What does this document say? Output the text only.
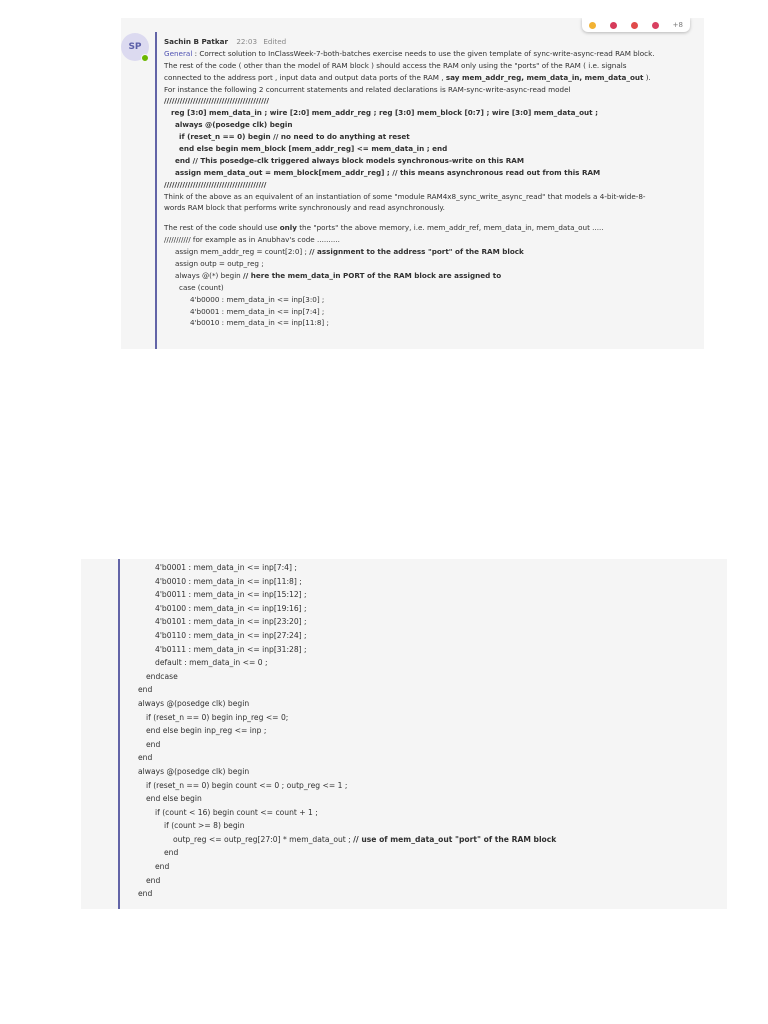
+8
SP
Sachin B Patkar 22:03 Edited
General : Correct solution to InClassWeek-7-both-batches exercise needs to use the given template of sync-write-async-read RAM block.
The rest of the code ( other than the model of RAM block ) should access the RAM only using the "ports" of the RAM ( i.e. signals
connected to the address port , input data and output data ports of the RAM , say mem_addr_reg, mem_data_in, mem_data_out ).
For instance the following 2 concurrent statements and related declarations is RAM-sync-write-async-read model
////////////////////////////////////////
reg [3:0] mem_data_in ; wire [2:0] mem_addr_reg ; reg [3:0] mem_block [0:7] ; wire [3:0] mem_data_out ;
always @(posedge clk) begin
if (reset_n == 0) begin // no need to do anything at reset
end else begin mem_block [mem_addr_reg] <= mem_data_in ; end
end // This posedge-clk triggered always block models synchronous-write on this RAM
assign mem_data_out = mem_block[mem_addr_reg] ; // this means asynchronous read out from this RAM
///////////////////////////////////////
Think of the above as an equivalent of an instantiation of some "module RAM4x8_sync_write_async_read" that models a 4-bit-wide-8-
words RAM block that performs write synchronously and read asynchronously.
The rest of the code should use only the "ports" the above memory, i.e. mem_addr_ref, mem_data_in, mem_data_out .....
/////////// for example as in Anubhav's code ..........
assign mem_addr_reg = count[2:0] ; // assignment to the address "port" of the RAM block
assign outp = outp_reg ;
always @(*) begin // here the mem_data_in PORT of the RAM block are assigned to
case (count)
4'b0000 : mem_data_in <= inp[3:0] ;
4'b0001 : mem_data_in <= inp[7:4] ;
4'b0010 : mem_data_in <= inp[11:8] ;
4'b0001 : mem_data_in <= inp[7:4] ;
4'b0010 : mem_data_in <= inp[11:8] ;
4'b0011 : mem_data_in <= inp[15:12] ;
4'b0100 : mem_data_in <= inp[19:16] ;
4'b0101 : mem_data_in <= inp[23:20] ;
4'b0110 : mem_data_in <= inp[27:24] ;
4'b0111 : mem_data_in <= inp[31:28] ;
default : mem_data_in <= 0 ;
endcase
end
always @(posedge clk) begin
if (reset_n == 0) begin inp_reg <= 0;
end else begin inp_reg <= inp ;
end
end
always @(posedge clk) begin
if (reset_n == 0) begin count <= 0 ; outp_reg <= 1 ;
end else begin
if (count < 16) begin count <= count + 1 ;
if (count >= 8) begin
outp_reg <= outp_reg[27:0] * mem_data_out ; // use of mem_data_out "port" of the RAM block
end
end
end
end
